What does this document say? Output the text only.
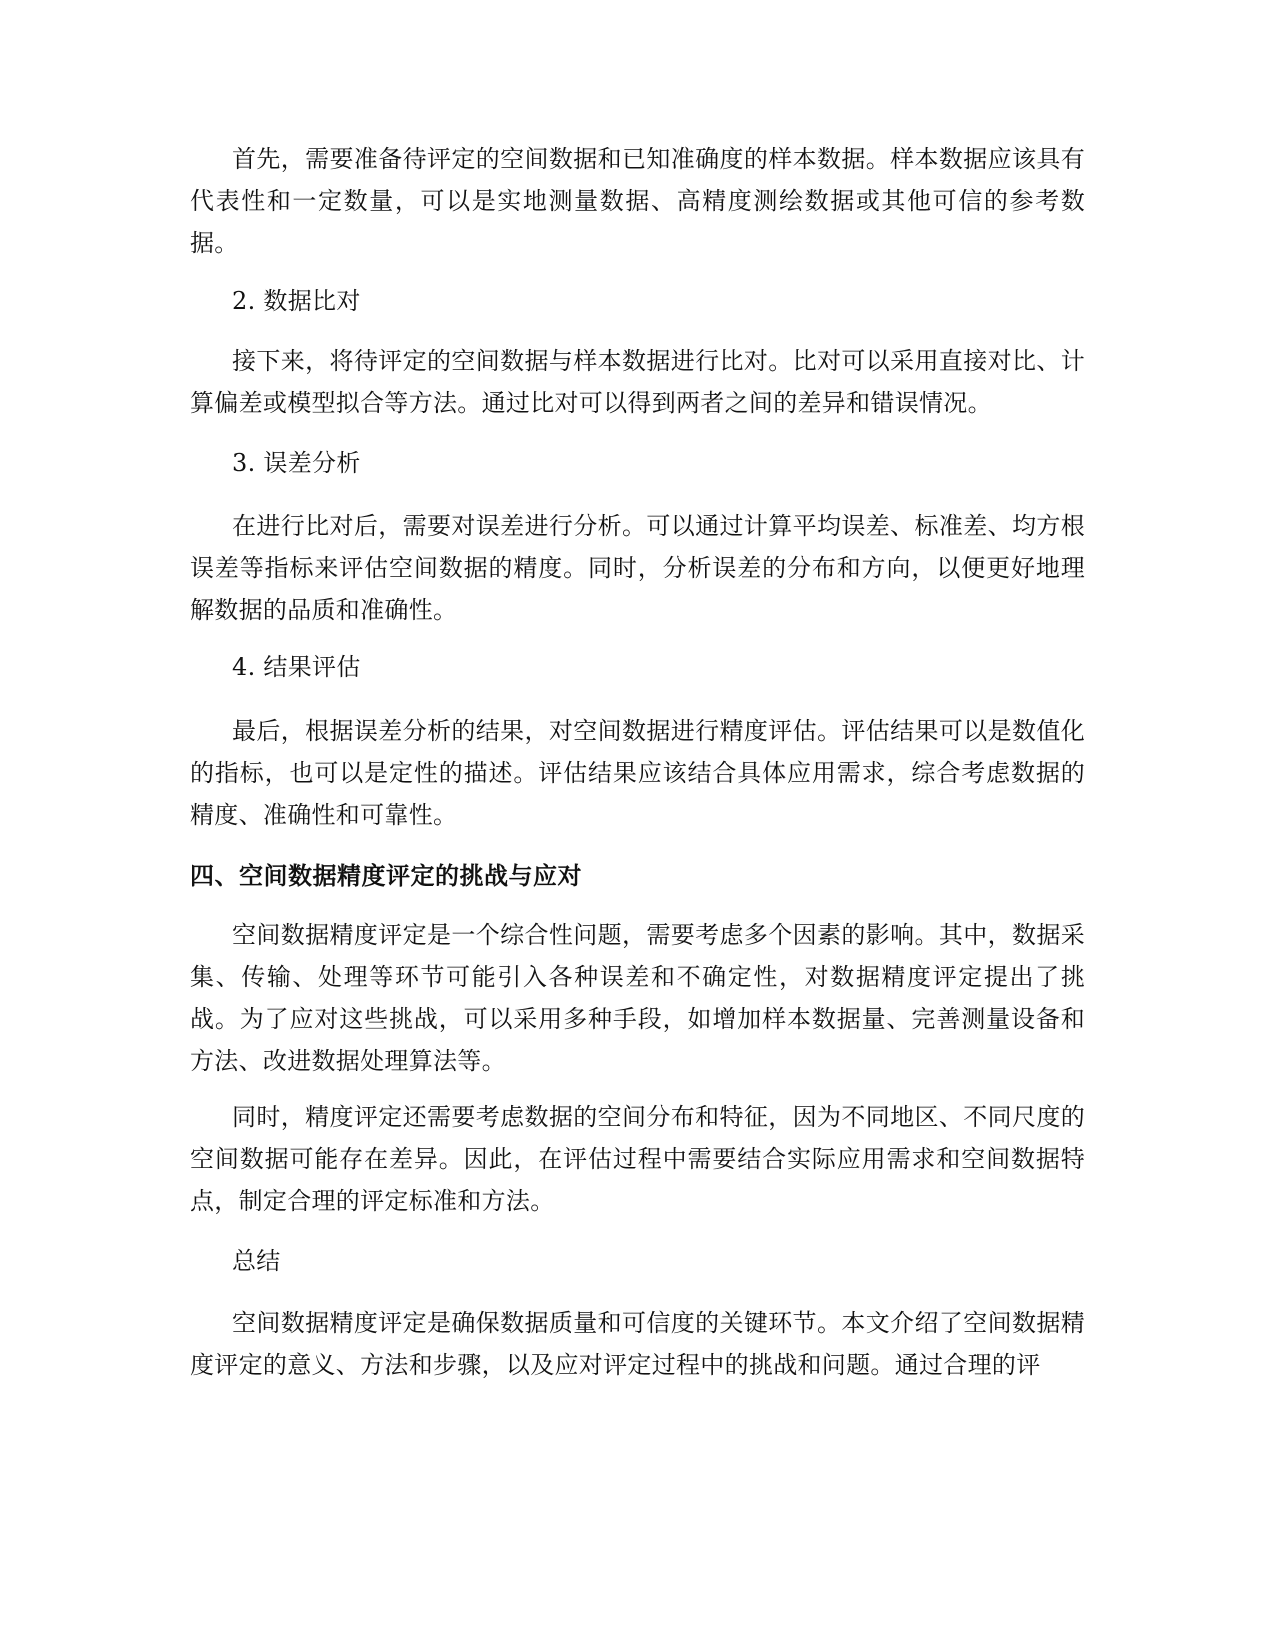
首先，需要准备待评定的空间数据和已知准确度的样本数据。样本数据应该具有代表性和一定数量，可以是实地测量数据、高精度测绘数据或其他可信的参考数据。

2. 数据比对

接下来，将待评定的空间数据与样本数据进行比对。比对可以采用直接对比、计算偏差或模型拟合等方法。通过比对可以得到两者之间的差异和错误情况。

3. 误差分析

在进行比对后，需要对误差进行分析。可以通过计算平均误差、标准差、均方根误差等指标来评估空间数据的精度。同时，分析误差的分布和方向，以便更好地理解数据的品质和准确性。

4. 结果评估

最后，根据误差分析的结果，对空间数据进行精度评估。评估结果可以是数值化的指标，也可以是定性的描述。评估结果应该结合具体应用需求，综合考虑数据的精度、准确性和可靠性。

四、空间数据精度评定的挑战与应对

空间数据精度评定是一个综合性问题，需要考虑多个因素的影响。其中，数据采集、传输、处理等环节可能引入各种误差和不确定性，对数据精度评定提出了挑战。为了应对这些挑战，可以采用多种手段，如增加样本数据量、完善测量设备和方法、改进数据处理算法等。

同时，精度评定还需要考虑数据的空间分布和特征，因为不同地区、不同尺度的空间数据可能存在差异。因此，在评估过程中需要结合实际应用需求和空间数据特点，制定合理的评定标准和方法。

总结

空间数据精度评定是确保数据质量和可信度的关键环节。本文介绍了空间数据精度评定的意义、方法和步骤，以及应对评定过程中的挑战和问题。通过合理的评
